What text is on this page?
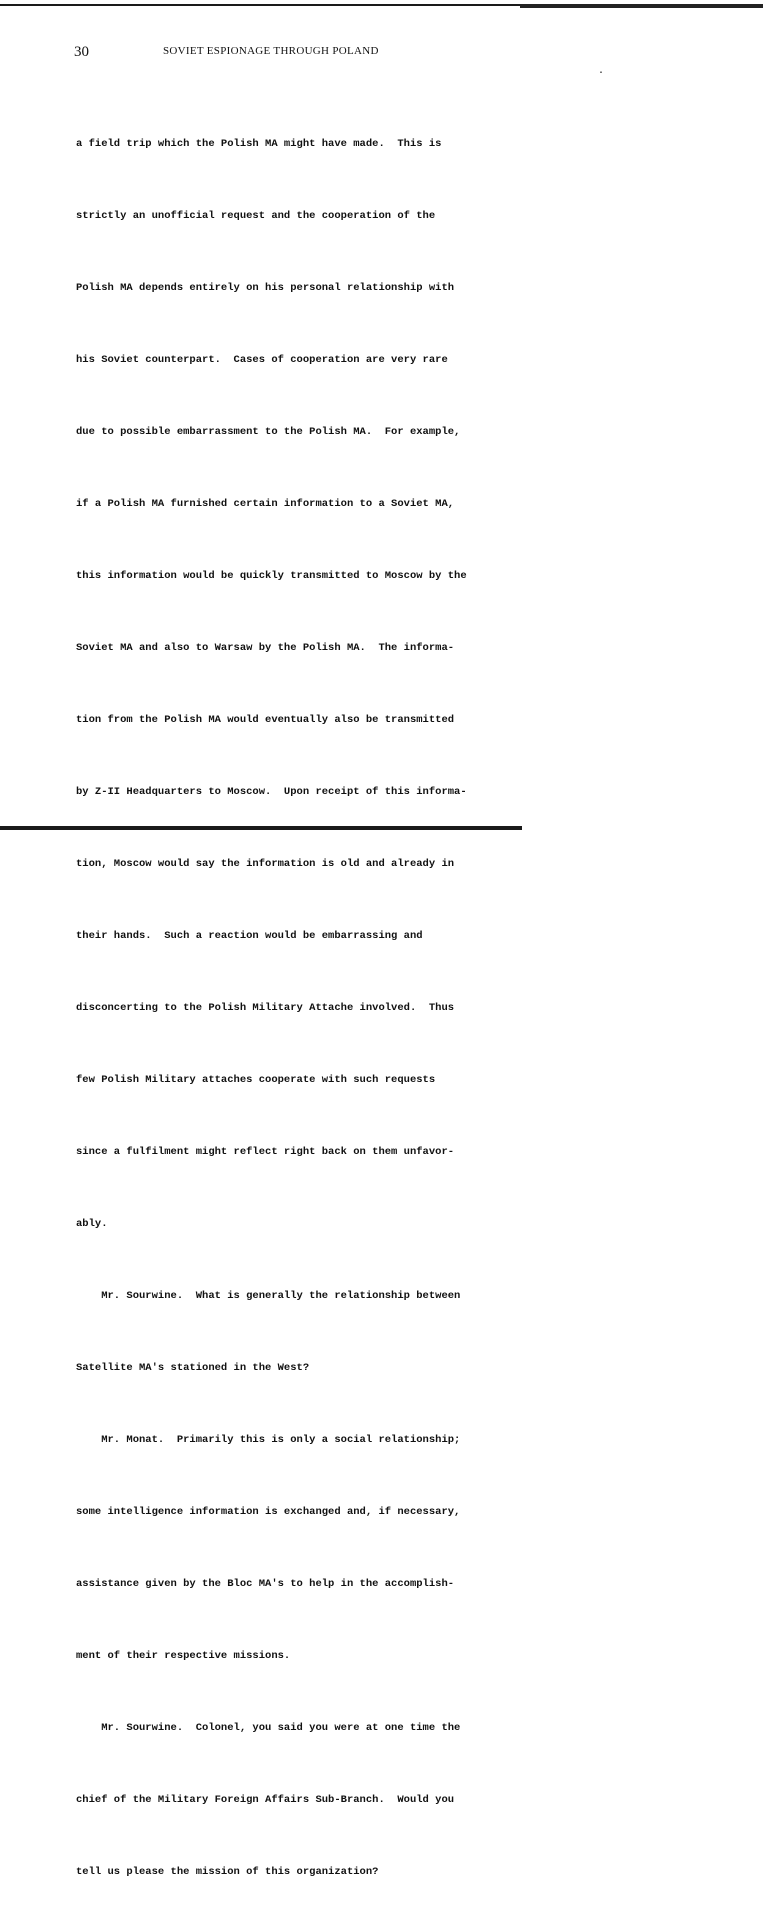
30	SOVIET ESPIONAGE THROUGH POLAND
·

a field trip which the Polish MA might have made.  This is

strictly an unofficial request and the cooperation of the

Polish MA depends entirely on his personal relationship with

his Soviet counterpart.  Cases of cooperation are very rare

due to possible embarrassment to the Polish MA.  For example,

if a Polish MA furnished certain information to a Soviet MA,

this information would be quickly transmitted to Moscow by the

Soviet MA and also to Warsaw by the Polish MA.  The informa-

tion from the Polish MA would eventually also be transmitted

by Z-II Headquarters to Moscow.  Upon receipt of this informa-

tion, Moscow would say the information is old and already in

their hands.  Such a reaction would be embarrassing and

disconcerting to the Polish Military Attache involved.  Thus

few Polish Military attaches cooperate with such requests

since a fulfilment might reflect right back on them unfavor-

ably.

Mr. Sourwine.  What is generally the relationship between

Satellite MA's stationed in the West?

Mr. Monat.  Primarily this is only a social relationship;

some intelligence information is exchanged and, if necessary,

assistance given by the Bloc MA's to help in the accomplish-

ment of their respective missions.

Mr. Sourwine.  Colonel, you said you were at one time the

chief of the Military Foreign Affairs Sub-Branch.  Would you

tell us please the mission of this organization?
